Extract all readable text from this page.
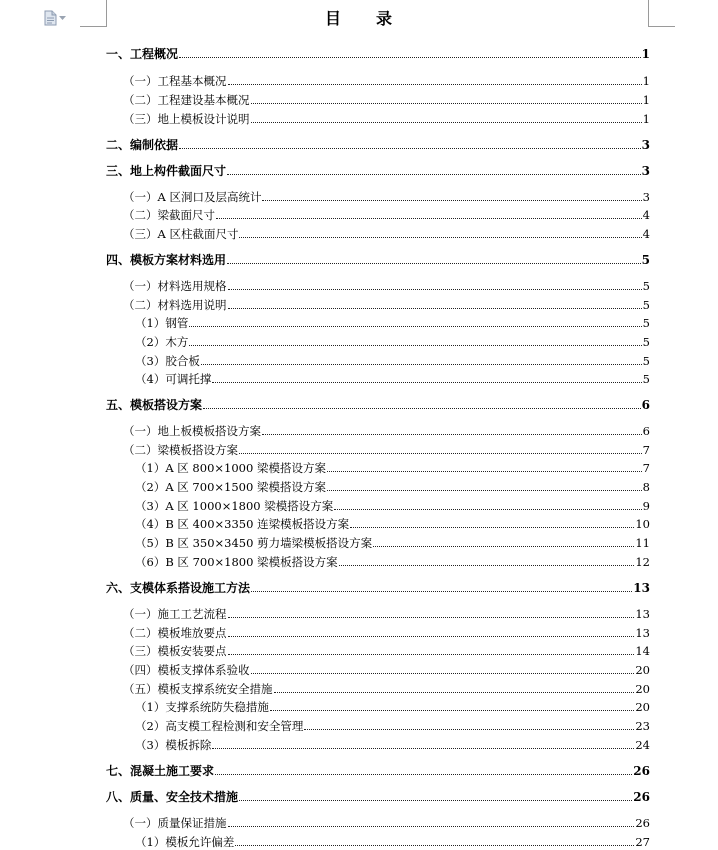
目　　录
一、工程概况	1
（一）工程基本概况	1
（二）工程建设基本概况	1
（三）地上模板设计说明	1
二、编制依据	3
三、地上构件截面尺寸	3
（一）A 区洞口及层高统计	3
（二）梁截面尺寸	4
（三）A 区柱截面尺寸	4
四、模板方案材料选用	5
（一）材料选用规格	5
（二）材料选用说明	5
（1）钢管	5
（2）木方	5
（3）胶合板	5
（4）可调托撑	5
五、模板搭设方案	6
（一）地上板模板搭设方案	6
（二）梁模板搭设方案	7
（1）A 区 800×1000 梁模搭设方案	7
（2）A 区 700×1500 梁模搭设方案	8
（3）A 区 1000×1800 梁模搭设方案	9
（4）B 区 400×3350 连梁模板搭设方案	10
（5）B 区 350×3450 剪力墙梁模板搭设方案	11
（6）B 区 700×1800 梁模板搭设方案	12
六、支模体系搭设施工方法	13
（一）施工工艺流程	13
（二）模板堆放要点	13
（三）模板安装要点	14
（四）模板支撑体系验收	20
（五）模板支撑系统安全措施	20
（1）支撑系统防失稳措施	20
（2）高支模工程检测和安全管理	23
（3）模板拆除	24
七、混凝土施工要求	26
八、质量、安全技术措施	26
（一）质量保证措施	26
（1）模板允许偏差	27
